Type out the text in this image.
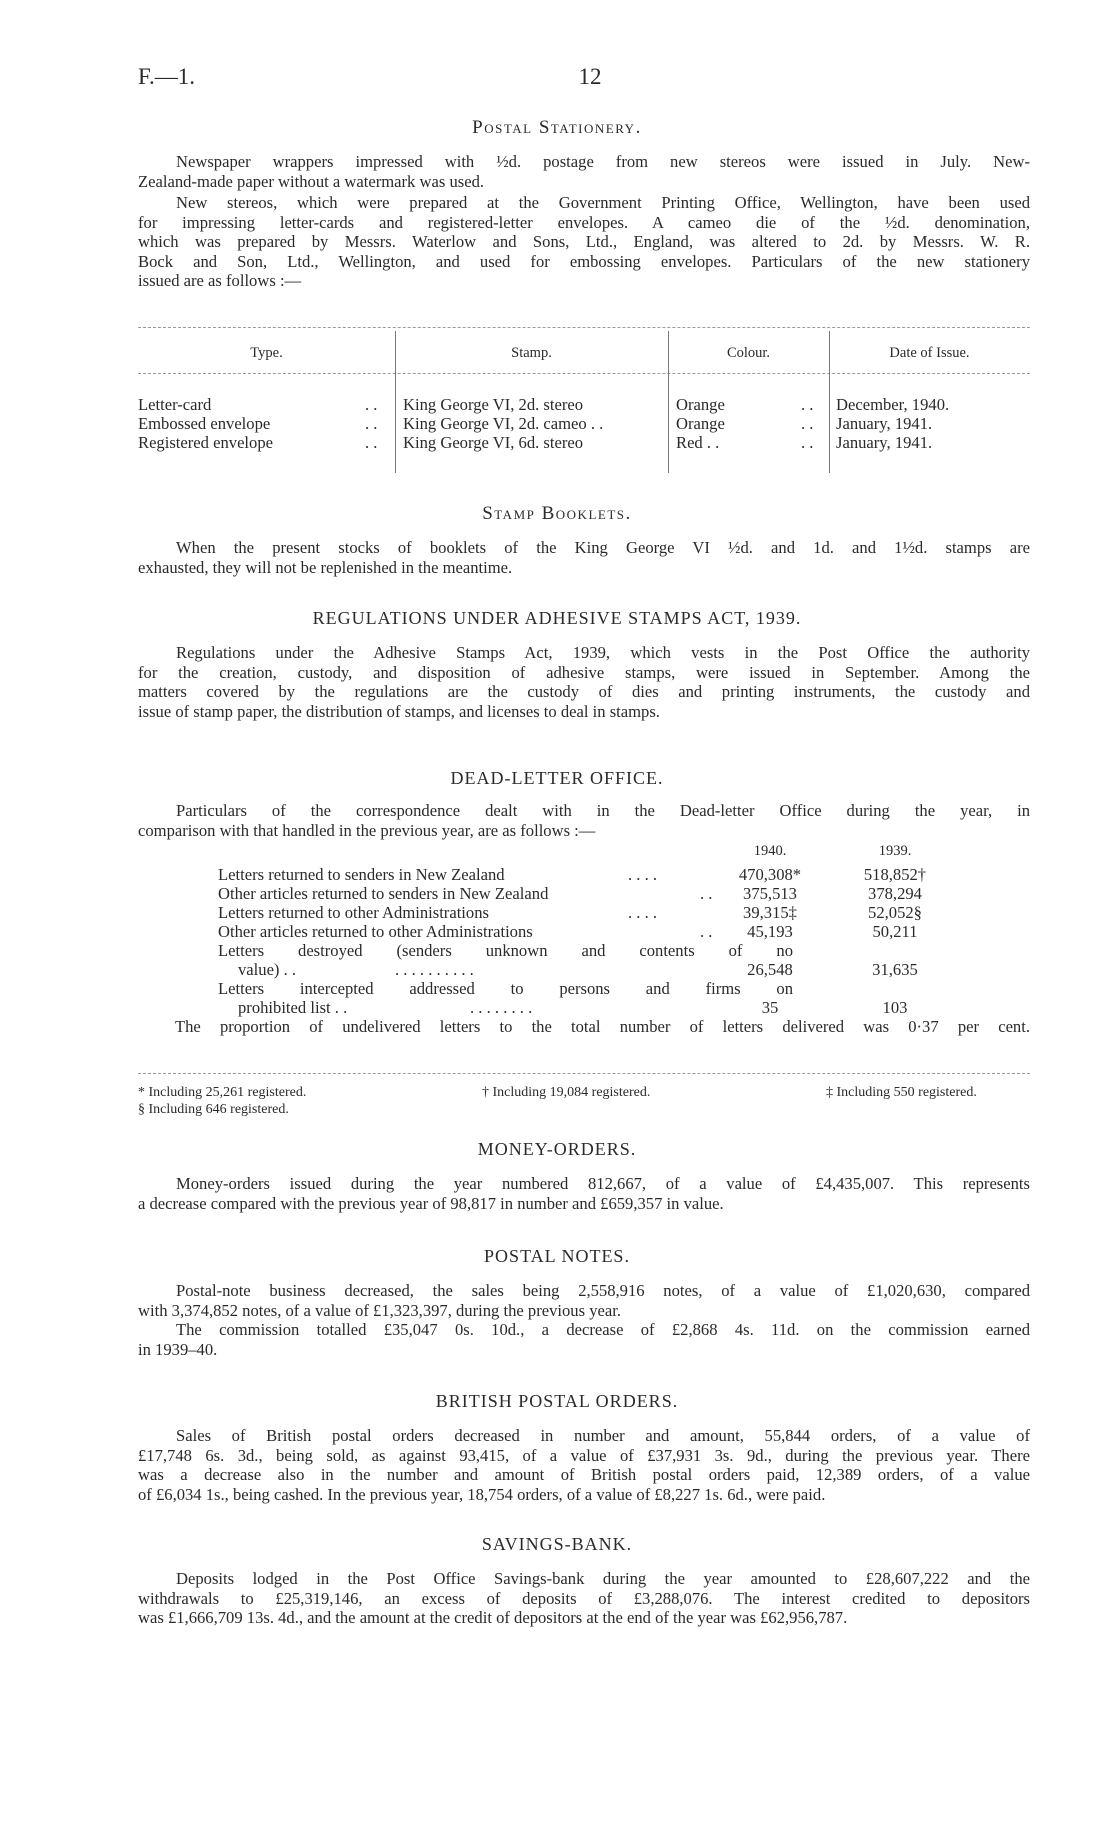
F.—1.	12
Postal Stationery.
Newspaper wrappers impressed with ½d. postage from new stereos were issued in July. New-
Zealand-made paper without a watermark was used.
New stereos, which were prepared at the Government Printing Office, Wellington, have been used
for impressing letter-cards and registered-letter envelopes. A cameo die of the ½d. denomination,
which was prepared by Messrs. Waterlow and Sons, Ltd., England, was altered to 2d. by Messrs. W. R.
Bock and Son, Ltd., Wellington, and used for embossing envelopes. Particulars of the new stationery
issued are as follows :—
Type.	Stamp.	Colour.	Date of Issue.
Letter-card	. . King George VI, 2d. stereo	Orange	. . December, 1940.
Embossed envelope	. . King George VI, 2d. cameo . .	Orange	. . January, 1941.
Registered envelope	. . King George VI, 6d. stereo	Red . .	. . January, 1941.
Stamp Booklets.
When the present stocks of booklets of the King George VI ½d. and 1d. and 1½d. stamps are
exhausted, they will not be replenished in the meantime.
REGULATIONS UNDER ADHESIVE STAMPS ACT, 1939.
Regulations under the Adhesive Stamps Act, 1939, which vests in the Post Office the authority
for the creation, custody, and disposition of adhesive stamps, were issued in September. Among the
matters covered by the regulations are the custody of dies and printing instruments, the custody and
issue of stamp paper, the distribution of stamps, and licenses to deal in stamps.
DEAD-LETTER OFFICE.
Particulars of the correspondence dealt with in the Dead-letter Office during the year, in
comparison with that handled in the previous year, are as follows :—
1940.	1939.
Letters returned to senders in New Zealand	. . . .	470,308*	518,852†
Other articles returned to senders in New Zealand	. .	375,513	378,294
Letters returned to other Administrations	. . . .	39,315‡	52,052§
Other articles returned to other Administrations	. .	45,193	50,211
Letters destroyed (senders unknown and contents of no
value) . .	. . . . . . . . . .	26,548	31,635
Letters intercepted addressed to persons and firms on
prohibited list . .	. . . . . . . .	35	103
The proportion of undelivered letters to the total number of letters delivered was 0·37 per cent.
* Including 25,261 registered.	† Including 19,084 registered.	‡ Including 550 registered.
§ Including 646 registered.
MONEY-ORDERS.
Money-orders issued during the year numbered 812,667, of a value of £4,435,007. This represents
a decrease compared with the previous year of 98,817 in number and £659,357 in value.
POSTAL NOTES.
Postal-note business decreased, the sales being 2,558,916 notes, of a value of £1,020,630, compared
with 3,374,852 notes, of a value of £1,323,397, during the previous year.
The commission totalled £35,047 0s. 10d., a decrease of £2,868 4s. 11d. on the commission earned
in 1939–40.
BRITISH POSTAL ORDERS.
Sales of British postal orders decreased in number and amount, 55,844 orders, of a value of
£17,748 6s. 3d., being sold, as against 93,415, of a value of £37,931 3s. 9d., during the previous year. There
was a decrease also in the number and amount of British postal orders paid, 12,389 orders, of a value
of £6,034 1s., being cashed. In the previous year, 18,754 orders, of a value of £8,227 1s. 6d., were paid.
SAVINGS-BANK.
Deposits lodged in the Post Office Savings-bank during the year amounted to £28,607,222 and the
withdrawals to £25,319,146, an excess of deposits of £3,288,076. The interest credited to depositors
was £1,666,709 13s. 4d., and the amount at the credit of depositors at the end of the year was £62,956,787.
